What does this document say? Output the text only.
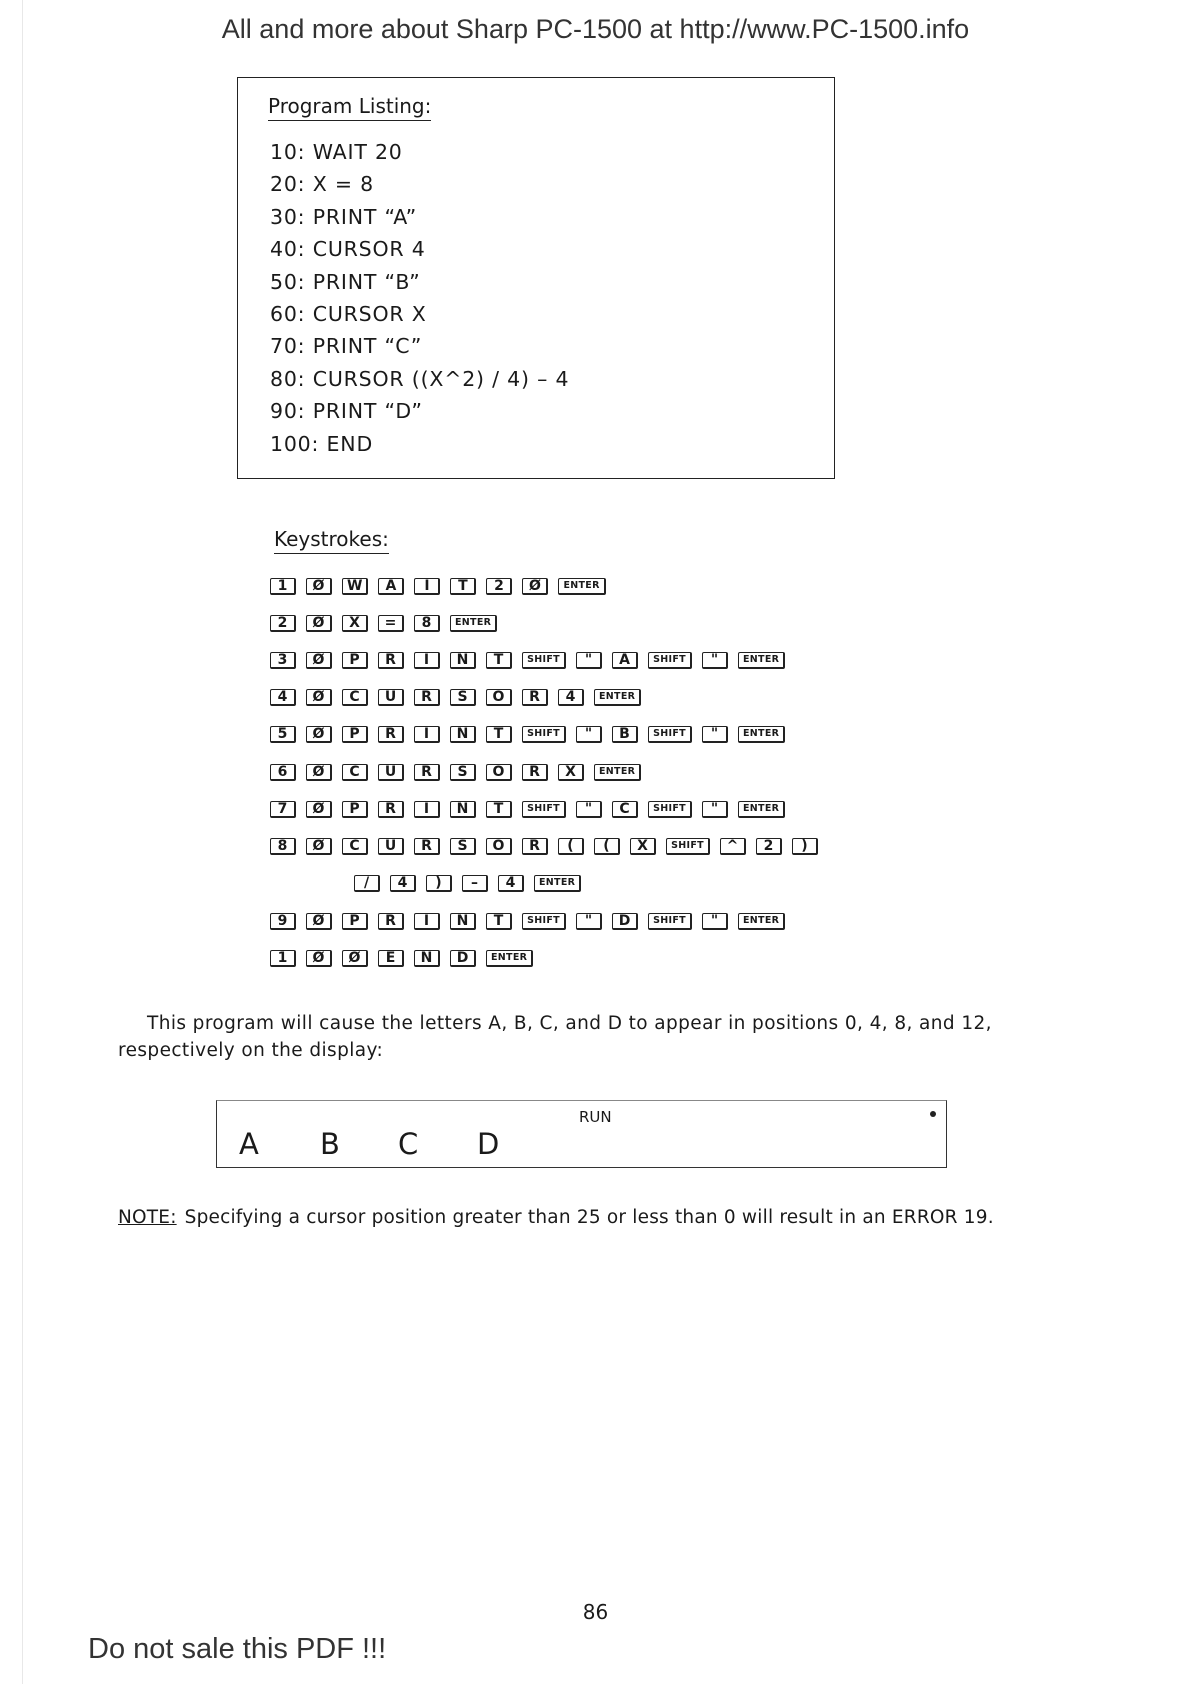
All and more about Sharp PC-1500 at http://www.PC-1500.info
Program Listing:
10: WAIT 20
20: X = 8
30: PRINT “A”
40: CURSOR 4
50: PRINT “B”
60: CURSOR X
70: PRINT “C”
80: CURSOR ((X^2) / 4) – 4
90: PRINT “D”
100: END
Keystrokes:
1	Ø	W	A	I	T	2	Ø	ENTER
2	Ø	X	=	8	ENTER
3	Ø	P	R	I	N	T	SHIFT	"	A	SHIFT	"	ENTER
4	Ø	C	U	R	S	O	R	4	ENTER
5	Ø	P	R	I	N	T	SHIFT	"	B	SHIFT	"	ENTER
6	Ø	C	U	R	S	O	R	X	ENTER
7	Ø	P	R	I	N	T	SHIFT	"	C	SHIFT	"	ENTER
8	Ø	C	U	R	S	O	R	(	(	X	SHIFT	^	2	)
/	4	)	–	4	ENTER
9	Ø	P	R	I	N	T	SHIFT	"	D	SHIFT	"	ENTER
1	Ø	Ø	E	N	D	ENTER
This program will cause the letters A, B, C, and D to appear in positions 0, 4, 8, and 12,
respectively on the display:
RUN
A B C D
NOTE: Specifying a cursor position greater than 25 or less than 0 will result in an ERROR 19.
86
Do not sale this PDF !!!
